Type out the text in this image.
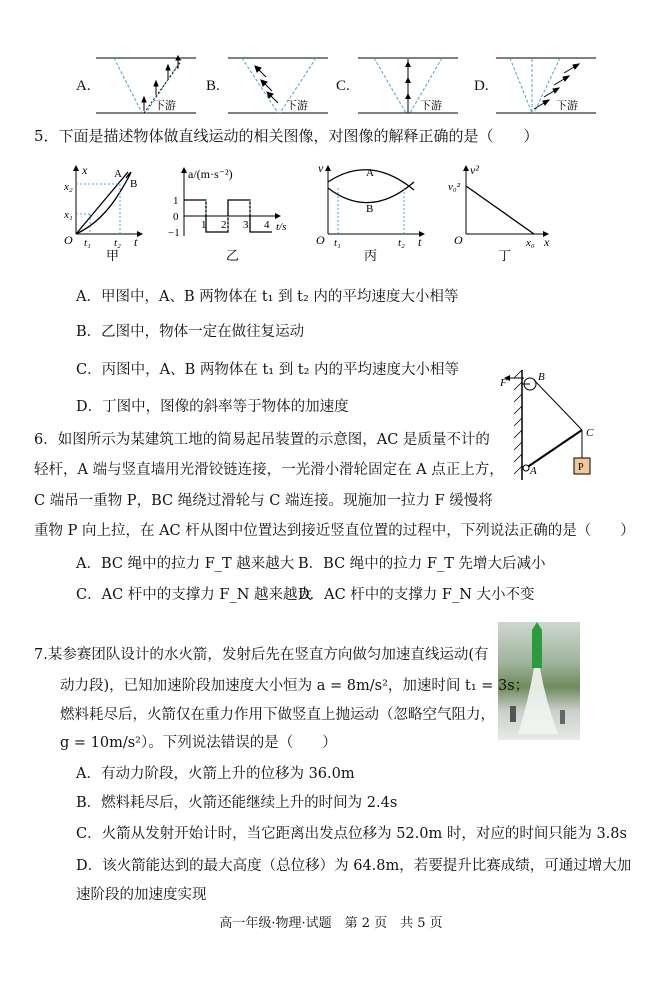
A.	B.	C.	D.
下游	下游	下游	下游
5．下面是描述物体做直线运动的相关图像，对图像的解释正确的是（　　）
x
x₂
x₁
O t₁ t₂ t
A
B
甲
a/(m·s⁻²)
1
0
−1
1 2 3 4 t/s
乙
v	A
B
O t₁	t₂ t
丙
v²
v₀²
O	x₀ x
丁
A．甲图中，A、B 两物体在 t₁ 到 t₂ 内的平均速度大小相等
B．乙图中，物体一定在做往复运动
C．丙图中，A、B 两物体在 t₁ 到 t₂ 内的平均速度大小相等
D．丁图中，图像的斜率等于物体的加速度
F	B
C
A	P
6．如图所示为某建筑工地的简易起吊装置的示意图，AC 是质量不计的
轻杆，A 端与竖直墙用光滑铰链连接，一光滑小滑轮固定在 A 点正上方，
C 端吊一重物 P，BC 绳绕过滑轮与 C 端连接。现施加一拉力 F 缓慢将
重物 P 向上拉，在 AC 杆从图中位置达到接近竖直位置的过程中，下列说法正确的是（　　）
A．BC 绳中的拉力 F_T 越来越大 B．BC 绳中的拉力 F_T 先增大后减小
C．AC 杆中的支撑力 F_N 越来越大
D．AC 杆中的支撑力 F_N 大小不变
7.某参赛团队设计的水火箭，发射后先在竖直方向做匀加速直线运动(有
动力段)，已知加速阶段加速度大小恒为 a = 8m/s²，加速时间 t₁ = 3s；
燃料耗尽后，火箭仅在重力作用下做竖直上抛运动（忽略空气阻力，
g = 10m/s²）。下列说法错误的是（　　）
A．有动力阶段，火箭上升的位移为 36.0m
B．燃料耗尽后，火箭还能继续上升的时间为 2.4s
C．火箭从发射开始计时，当它距离出发点位移为 52.0m 时，对应的时间只能为 3.8s
D．该火箭能达到的最大高度（总位移）为 64.8m，若要提升比赛成绩，可通过增大加
速阶段的加速度实现
高一年级·物理·试题　第 2 页　共 5 页
